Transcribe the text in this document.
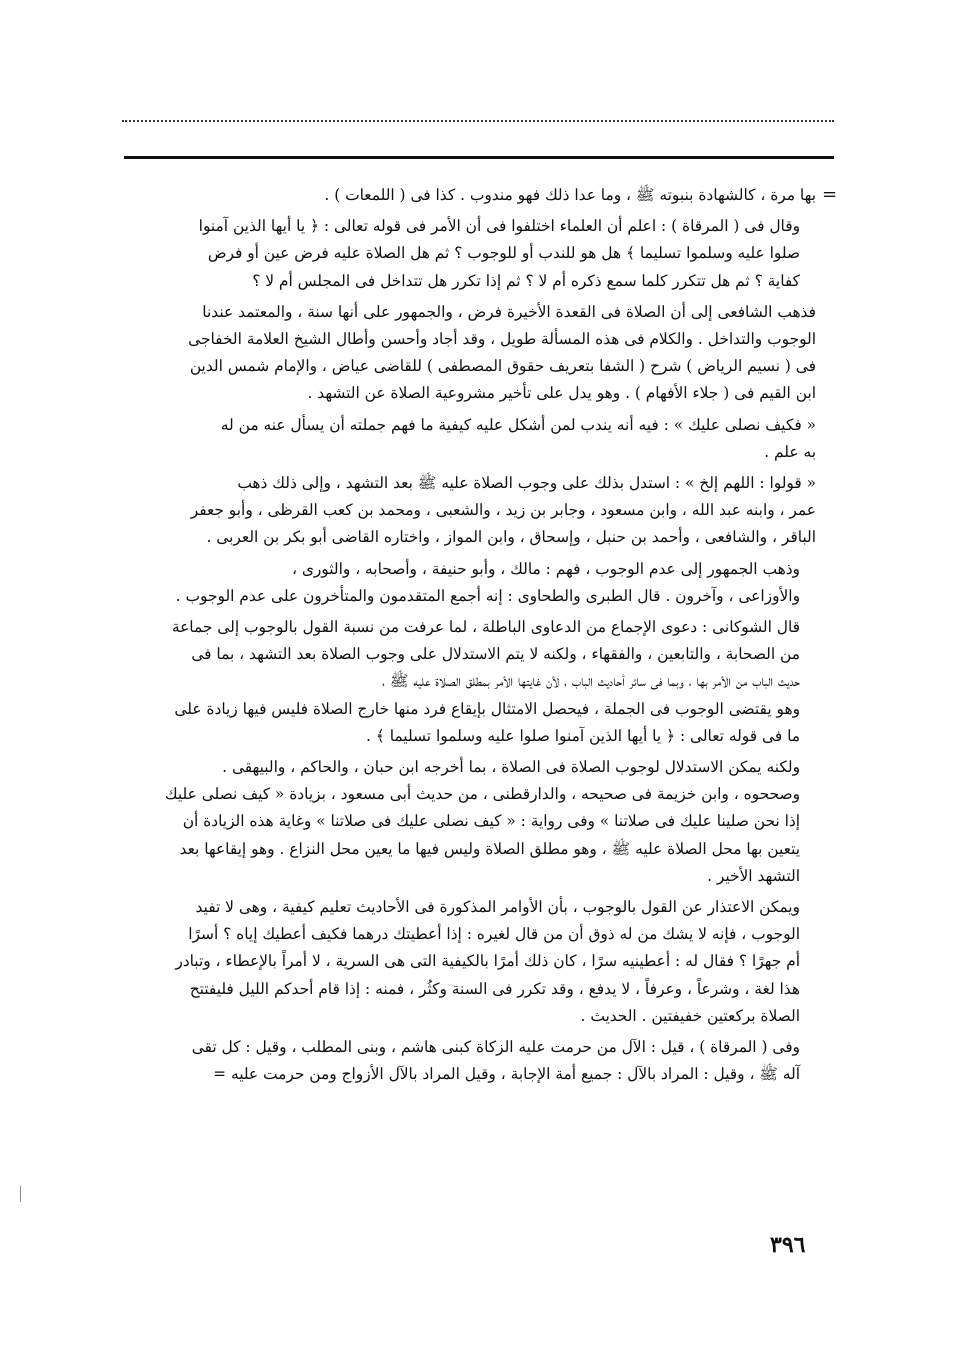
=
بها مرة ، كالشهادة بنبوته ﷺ ، وما عدا ذلك فهو مندوب . كذا فى ( اللمعات ) .
وقال فى ( المرقاة ) : اعلم أن العلماء اختلفوا فى أن الأمر فى قوله تعالى : ﴿ يا أيها الذين آمنوا
صلوا عليه وسلموا تسليما ﴾ هل هو للندب أو للوجوب ؟ ثم هل الصلاة عليه فرض عين أو فرض
كفاية ؟ ثم هل تتكرر كلما سمع ذكره أم لا ؟ ثم إذا تكرر هل تتداخل فى المجلس أم لا ؟
فذهب الشافعى إلى أن الصلاة فى القعدة الأخيرة فرض ، والجمهور على أنها سنة ، والمعتمد عندنا
الوجوب والتداخل . والكلام فى هذه المسألة طويل ، وقد أجاد وأحسن وأطال الشيخ العلامة الخفاجى
فى ( نسيم الرياض ) شرح ( الشفا بتعريف حقوق المصطفى ) للقاضى عياض ، والإمام شمس الدين
ابن القيم فى ( جلاء الأفهام ) . وهو يدل على تأخير مشروعية الصلاة عن التشهد .
« فكيف نصلى عليك » : فيه أنه يندب لمن أشكل عليه كيفية ما فهم جملته أن يسأل عنه من له
به علم .
« قولوا : اللهم إلخ » : استدل بذلك على وجوب الصلاة عليه ﷺ بعد التشهد ، وإلى ذلك ذهب
عمر ، وابنه عبد الله ، وابن مسعود ، وجابر بن زيد ، والشعبى ، ومحمد بن كعب القرظى ، وأبو جعفر
الباقر ، والشافعى ، وأحمد بن حنبل ، وإسحاق ، وابن المواز ، واختاره القاضى أبو بكر بن العربى .
وذهب الجمهور إلى عدم الوجوب ، فهم : مالك ، وأبو حنيفة ، وأصحابه ، والثورى ،
والأوزاعى ، وآخرون . قال الطبرى والطحاوى : إنه أجمع المتقدمون والمتأخرون على عدم الوجوب .
قال الشوكانى : دعوى الإجماع من الدعاوى الباطلة ، لما عرفت من نسبة القول بالوجوب إلى جماعة
من الصحابة ، والتابعين ، والفقهاء ، ولكنه لا يتم الاستدلال على وجوب الصلاة بعد التشهد ، بما فى
حديث الباب من الأمر بها ، وبما فى سائر أحاديث الباب ، لأن غايتها الأمر بمطلق الصلاة عليه ﷺ ،
وهو يقتضى الوجوب فى الجملة ، فيحصل الامتثال بإيقاع فرد منها خارج الصلاة فليس فيها زيادة على
ما فى قوله تعالى : ﴿ يا أيها الذين آمنوا صلوا عليه وسلموا تسليما ﴾ .
ولكنه يمكن الاستدلال لوجوب الصلاة فى الصلاة ، بما أخرجه ابن حبان ، والحاكم ، والبيهقى .
وصححوه ، وابن خزيمة فى صحيحه ، والدارقطنى ، من حديث أبى مسعود ، بزيادة « كيف نصلى عليك
إذا نحن صلينا عليك فى صلاتنا » وفى رواية : « كيف نصلى عليك فى صلاتنا » وغاية هذه الزيادة أن
يتعين بها محل الصلاة عليه ﷺ ، وهو مطلق الصلاة وليس فيها ما يعين محل النزاع . وهو إيقاعها بعد
التشهد الأخير .
ويمكن الاعتذار عن القول بالوجوب ، بأن الأوامر المذكورة فى الأحاديث تعليم كيفية ، وهى لا تفيد
الوجوب ، فإنه لا يشك من له ذوق أن من قال لغيره : إذا أعطيتك درهما فكيف أعطيك إياه ؟ أسرًا
أم جهرًا ؟ فقال له : أعطينيه سرًا ، كان ذلك أمرًا بالكيفية التى هى السرية ، لا أمراً بالإعطاء ، وتبادر
هذا لغة ، وشرعاً ، وعرفاً ، لا يدفع ، وقد تكرر فى السنة وكثُر ، فمنه : إذا قام أحدكم الليل فليفتتح
الصلاة بركعتين خفيفتين . الحديث .
وفى ( المرقاة ) ، قيل : الآل من حرمت عليه الزكاة كبنى هاشم ، وبنى المطلب ، وقيل : كل تقى
آله ﷺ ، وقيل : المراد بالآل : جميع أمة الإجابة ، وقيل المراد بالآل الأزواج ومن حرمت عليه =
٣٩٦
